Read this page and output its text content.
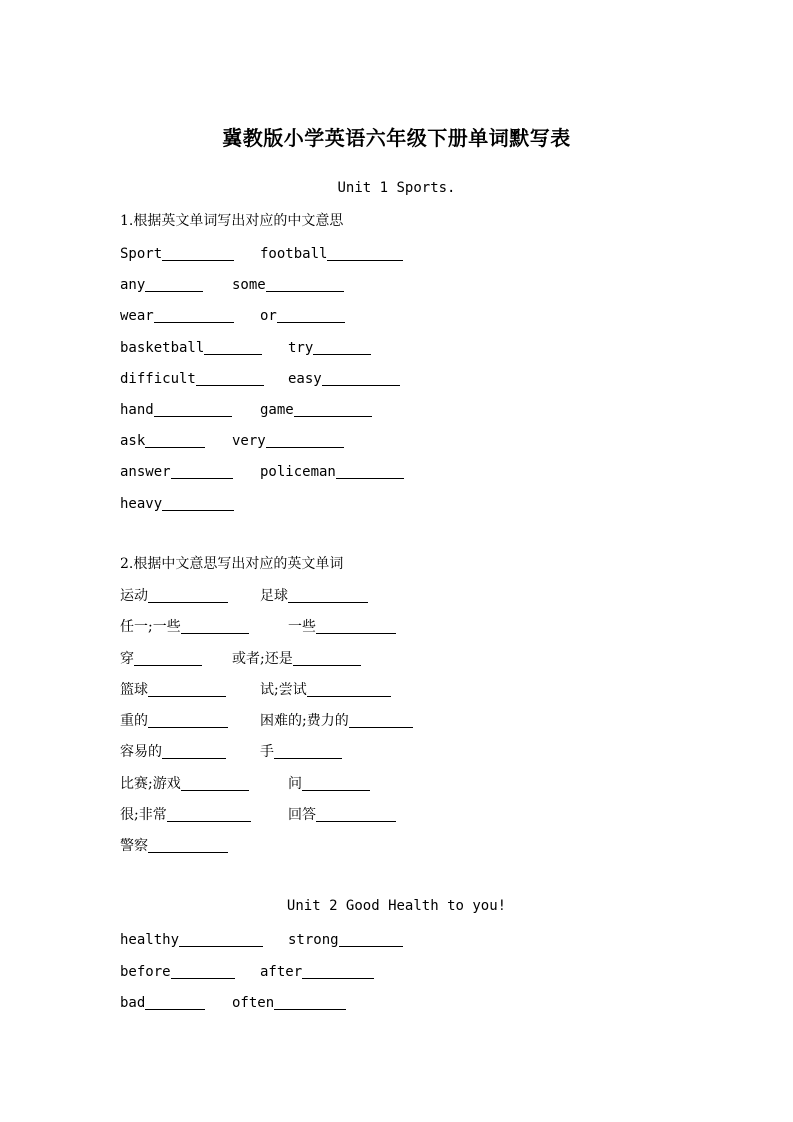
冀教版小学英语六年级下册单词默写表
Unit 1 Sports.
1.根据英文单词写出对应的中文意思
Sport	football
any	some
wear	or
basketball	try
difficult	easy
hand	game
ask	very
answer	policeman
heavy
2.根据中文意思写出对应的英文单词
运动	足球
任一;一些	一些
穿	或者;还是
篮球	试;尝试
重的	困难的;费力的
容易的	手
比赛;游戏	问
很;非常	回答
警察
Unit 2 Good Health to you!
healthy	strong
before	after
bad	often
